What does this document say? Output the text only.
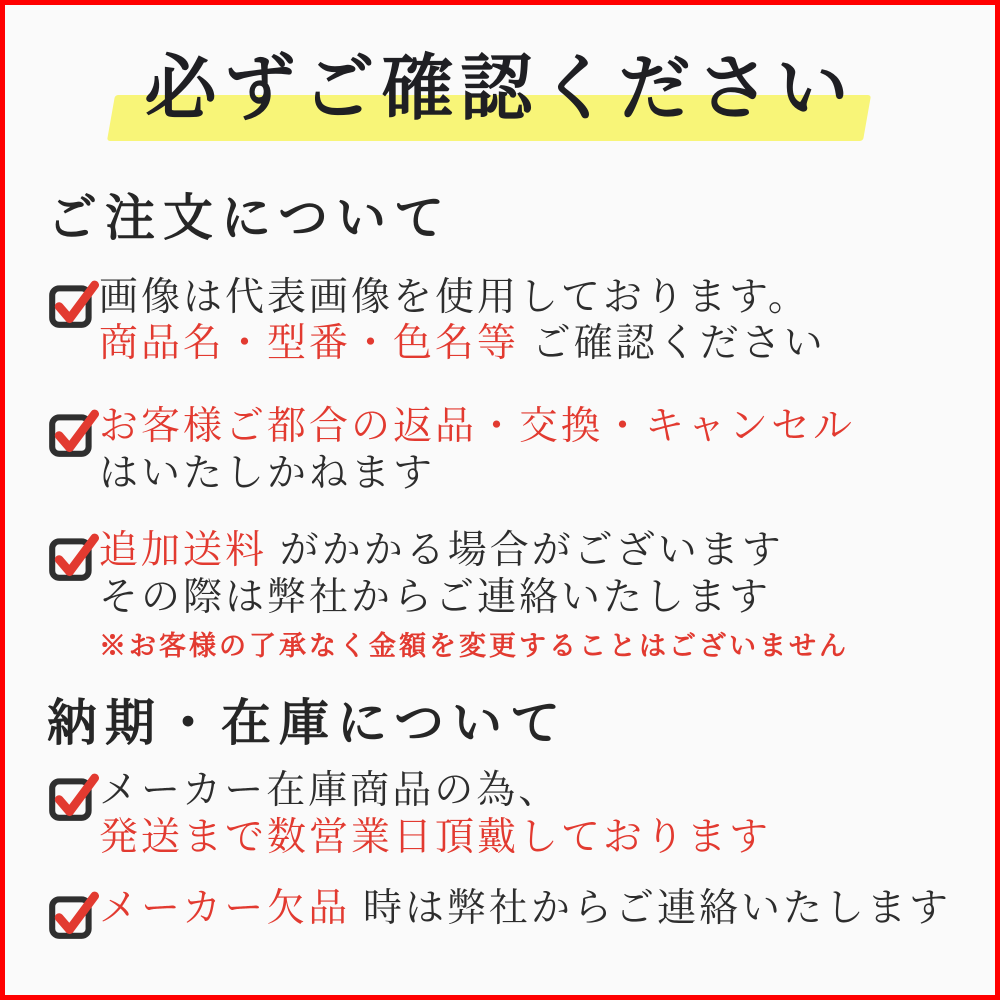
必ずご確認ください
ご注文について
画像は代表画像を使用しております。
商品名・型番・色名等 ご確認ください
お客様ご都合の返品・交換・キャンセル
はいたしかねます
追加送料 がかかる場合がございます
その際は弊社からご連絡いたします
※お客様の了承なく金額を変更することはございません
納期・在庫について
メーカー在庫商品の為、
発送まで数営業日頂戴しております
メーカー欠品 時は弊社からご連絡いたします
